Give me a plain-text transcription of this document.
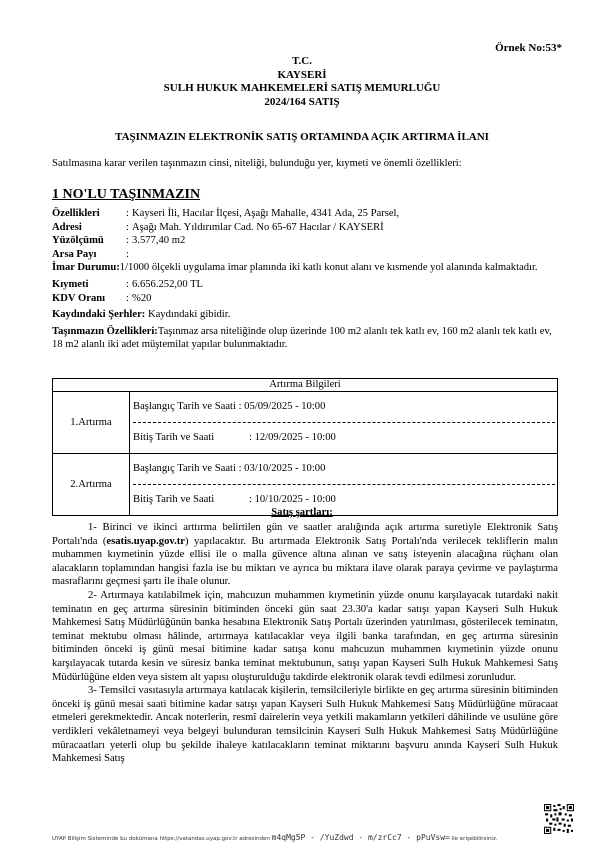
Örnek No:53*
T.C.
KAYSERİ
SULH HUKUK MAHKEMELERİ SATIŞ MEMURLUĞU
2024/164 SATIŞ
TAŞINMAZIN ELEKTRONİK SATIŞ ORTAMINDA AÇIK ARTIRMA İLANI
Satılmasına karar verilen taşınmazın cinsi, niteliği, bulunduğu yer, kıymeti ve önemli özellikleri:
1 NO'LU TAŞINMAZIN
Özellikleri : Kayseri İli, Hacılar İlçesi, Aşağı Mahalle, 4341 Ada, 25 Parsel,
Adresi	: Aşağı Mah. Yıldırımlar Cad. No 65-67 Hacılar / KAYSERİ
Yüzölçümü : 3.577,40 m2
Arsa Payı	:
İmar Durumu:1/1000 ölçekli uygulama imar planında iki katlı konut alanı ve kısmende yol alanında kalmaktadır.
Kıymeti	: 6.656.252,00 TL
KDV Oranı : %20
Kaydındaki Şerhler: Kaydındaki gibidir.
Taşınmazın Özellikleri:Taşınmaz arsa niteliğinde olup üzerinde 100 m2 alanlı tek katlı ev, 160 m2 alanlı tek katlı ev, 18 m2 alanlı iki adet müştemilat yapılar bulunmaktadır.
Artırma Bilgileri	
1.Artırma	Başlangıç Tarih ve Saati : 05/09/2025 - 10:00
Bitiş Tarih ve Saati : 12/09/2025 - 10:00

2.Artırma	Başlangıç Tarih ve Saati : 03/10/2025 - 10:00
Bitiş Tarih ve Saati : 10/10/2025 - 10:00
Satış şartları:

1- Birinci ve ikinci arttırma belirtilen gün ve saatler aralığında açık artırma suretiyle Elektronik Satış Portalı'nda (esatis.uyap.gov.tr) yapılacaktır. Bu artırmada Elektronik Satış Portalı'nda verilecek tekliflerin malın muhammen kıymetinin yüzde ellisi ile o malla güvence altına alınan ve satış isteyenin alacağına rüçhanı olan alacakların toplamından hangisi fazla ise bu miktarı ve ayrıca bu miktara ilave olarak paraya çevirme ve paylaştırma masraflarını geçmesi şartı ile ihale olunur.

2- Artırmaya katılabilmek için, mahcuzun muhammen kıymetinin yüzde onunu karşılayacak tutardaki nakit teminatın en geç artırma süresinin bitiminden önceki gün saat 23.30'a kadar satışı yapan Kayseri Sulh Hukuk Mahkemesi Satış Müdürlüğünün banka hesabına Elektronik Satış Portalı üzerinden yatırılması, gösterilecek teminatın, teminat mektubu olması hâlinde, artırmaya katılacaklar veya ilgili banka tarafından, en geç artırma süresinin bitiminden önceki iş günü mesai bitimine kadar satışa konu mahcuzun muhammen kıymetinin yüzde onunu karşılayacak tutarda kesin ve süresiz banka teminat mektubunun, satışı yapan Kayseri Sulh Hukuk Mahkemesi Satış Müdürlüğüne elden veya sistem alt yapısı oluşturulduğu takdirde elektronik olarak tevdi edilmesi zorunludur.

3- Temsilci vasıtasıyla artırmaya katılacak kişilerin, temsilcileriyle birlikte en geç artırma süresinin bitiminden önceki iş günü mesai saati bitimine kadar satışı yapan Kayseri Sulh Hukuk Mahkemesi Satış Müdürlüğüne müracaat etmeleri gerekmektedir. Ancak noterlerin, resmî dairelerin veya yetkili makamların yetkileri dâhilinde ve usulüne göre verdikleri vekâletnameyi veya belgeyi bulunduran temsilcinin Kayseri Sulh Hukuk Mahkemesi Satış Müdürlüğüne müracaatları yeterli olup bu şekilde ihaleye katılacakların teminat miktarını başvuru anında Kayseri Sulh Hukuk Mahkemesi Satış

UYAP Bilişim Sisteminde bu dokümana https://vatandas.uyap.gov.tr adresinden m4qMg5P - /YuZdwd - m/zrCc7 - pPuVsw= ile erişebilirsiniz.
